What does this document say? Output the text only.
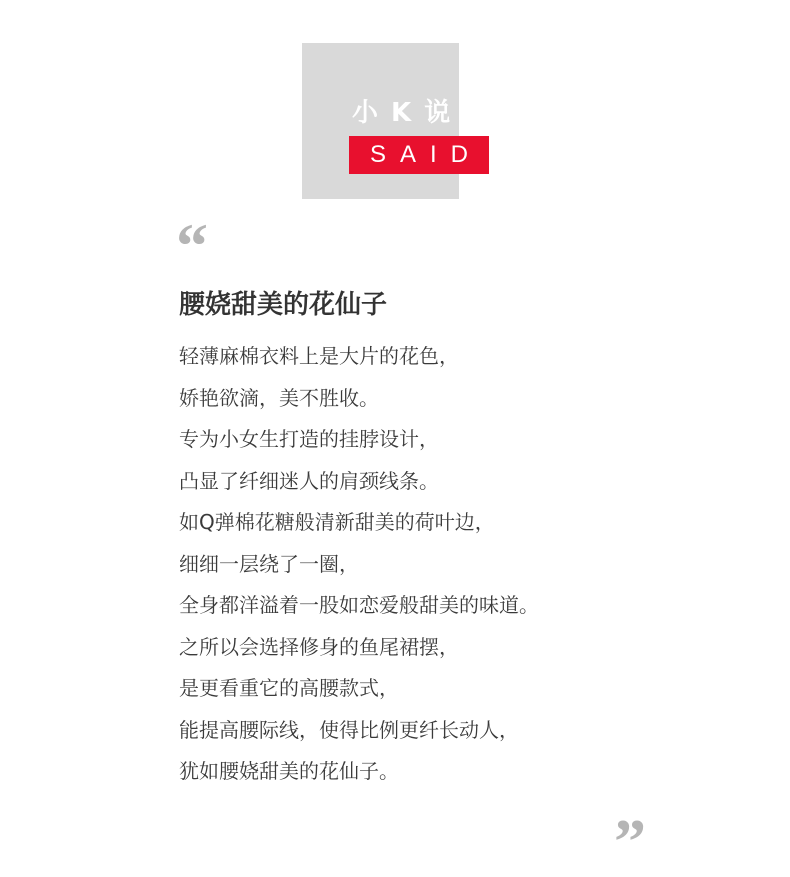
小 K 说
SAID
“
腰娆甜美的花仙子
轻薄麻棉衣料上是大片的花色，
娇艳欲滴，美不胜收。
专为小女生打造的挂脖设计，
凸显了纤细迷人的肩颈线条。
如Q弹棉花糖般清新甜美的荷叶边，
细细一层绕了一圈，
全身都洋溢着一股如恋爱般甜美的味道。
之所以会选择修身的鱼尾裙摆，
是更看重它的高腰款式，
能提高腰际线，使得比例更纤长动人，
犹如腰娆甜美的花仙子。
”
